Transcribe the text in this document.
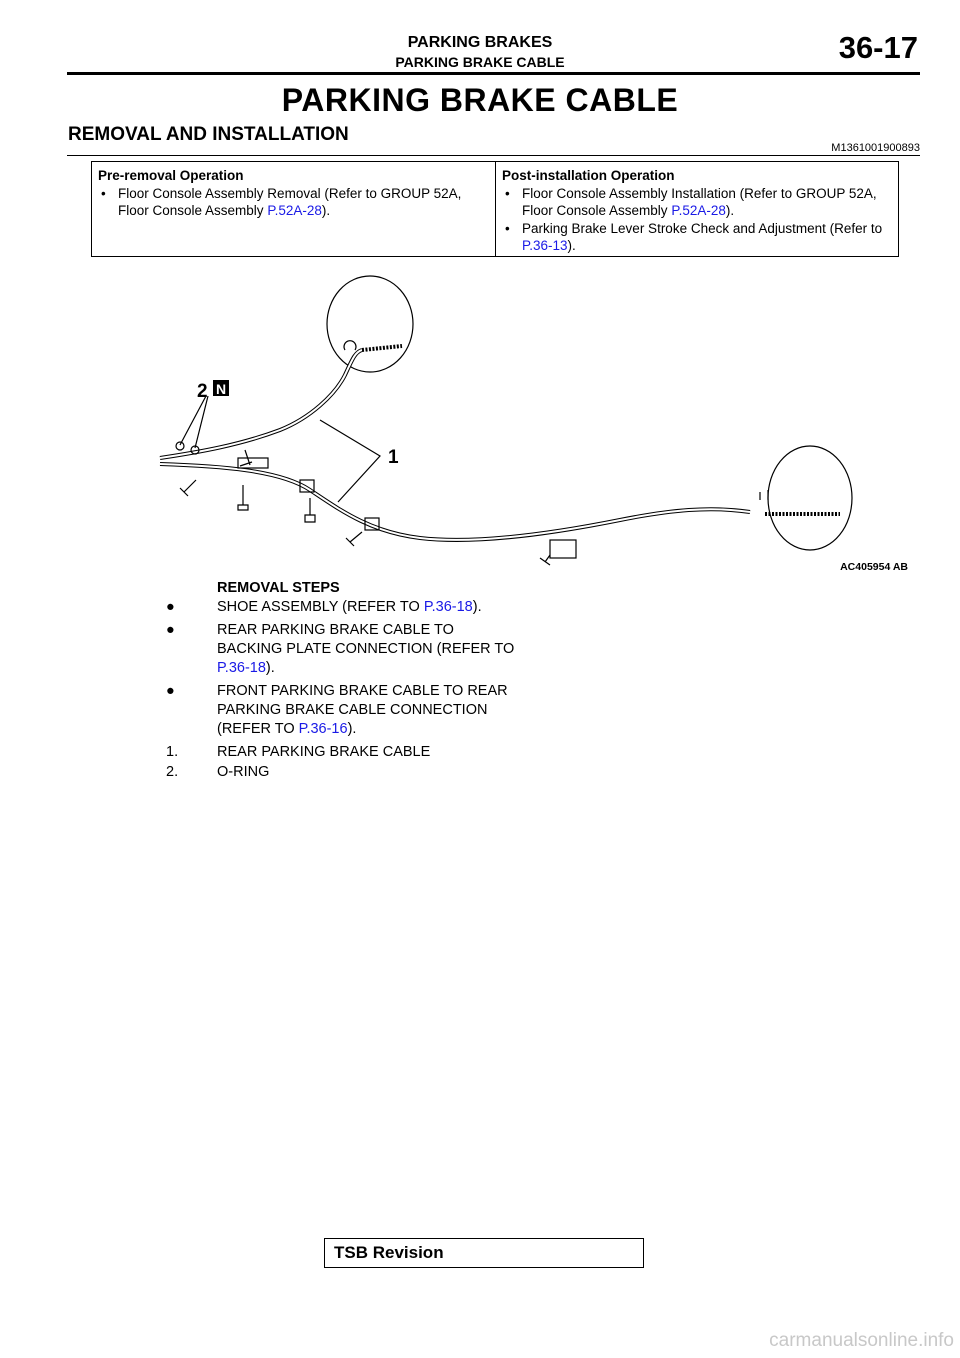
PARKING BRAKES
PARKING BRAKE CABLE	36-17
PARKING BRAKE CABLE
REMOVAL AND INSTALLATION
M1361001900893
Pre-removal Operation
• Floor Console Assembly Removal (Refer to GROUP 52A, Floor Console Assembly P.52A-28).
Post-installation Operation
• Floor Console Assembly Installation (Refer to GROUP 52A, Floor Console Assembly P.52A-28).
• Parking Brake Lever Stroke Check and Adjustment (Refer to P.36-13).
1
2 N
AC405954 AB
REMOVAL STEPS
●	SHOE ASSEMBLY (REFER TO P.36-18).
●	REAR PARKING BRAKE CABLE TO BACKING PLATE CONNECTION (REFER TO P.36-18).
●	FRONT PARKING BRAKE CABLE TO REAR PARKING BRAKE CABLE CONNECTION (REFER TO P.36-16).
1.	REAR PARKING BRAKE CABLE
2.	O-RING
TSB Revision
carmanualsonline.info
